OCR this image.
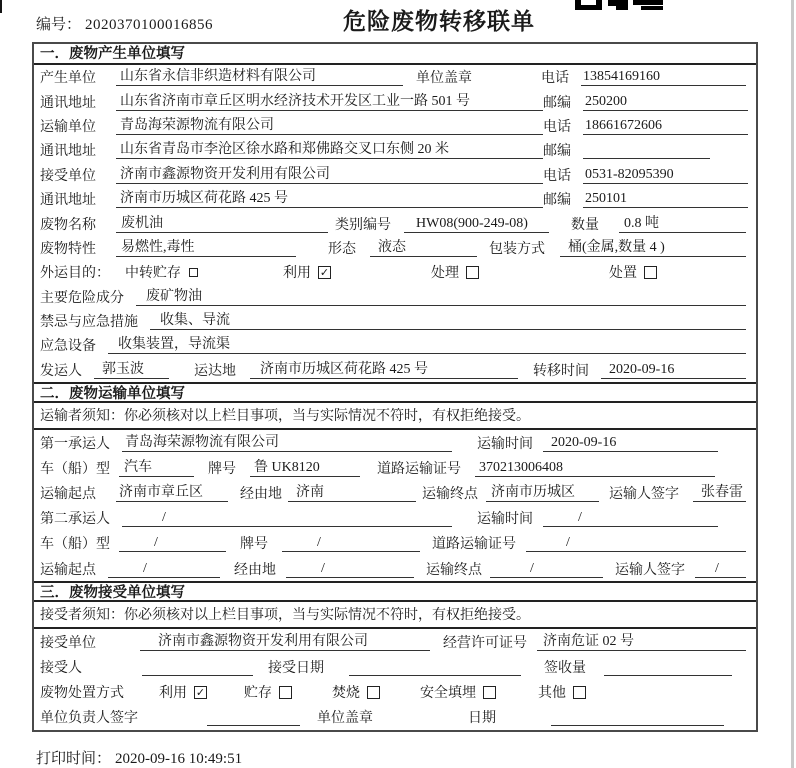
编号： 2020370100016856	危险废物转移联单
一．废物产生单位填写
产生单位 山东省永信非织造材料有限公司	单位盖章	电话 13854169160
通讯地址 山东省济南市章丘区明水经济技术开发区工业一路 501 号	邮编 250200
运输单位 青岛海荣源物流有限公司	电话 18661672606
通讯地址 山东省青岛市李沧区徐水路和郑佛路交叉口东侧 20 米	邮编
接受单位 济南市鑫源物资开发利用有限公司	电话 0531-82095390
通讯地址 济南市历城区荷花路 425 号	邮编 250101
废物名称	废机油	类别编号	HW08(900-249-08)	数量	0.8 吨
废物特性	易燃性,毒性	形态	液态	包装方式	桶(金属,数量 4 )
外运目的： 中转贮存	利用 ✓	处理	处置
主要危险成分	废矿物油
禁忌与应急措施	收集、导流
应急设备	收集装置，导流渠
发运人	郭玉波	运达地	济南市历城区荷花路 425 号	转移时间	2020-09-16
二．废物运输单位填写
运输者须知：你必须核对以上栏目事项，当与实际情况不符时，有权拒绝接受。
第一承运人 青岛海荣源物流有限公司	运输时间	2020-09-16
车（船）型	汽车	牌号 鲁 UK8120	道路运输证号 370213006408
运输起点 济南市章丘区	经由地	济南	运输终点 济南市历城区	运输人签字	张春雷
第二承运人	/	运输时间	/
车（船）型	/	牌号	/	道路运输证号	/
运输起点	/	经由地	/	运输终点	/	运输人签字	/
三．废物接受单位填写
接受者须知：你必须核对以上栏目事项，当与实际情况不符时，有权拒绝接受。
接受单位	济南市鑫源物资开发利用有限公司	经营许可证号	济南危证 02 号
接受人	接受日期	签收量
废物处置方式	利用 ✓	贮存	焚烧	安全填埋	其他
单位负责人签字	单位盖章	日期
打印时间： 2020-09-16 10:49:51
